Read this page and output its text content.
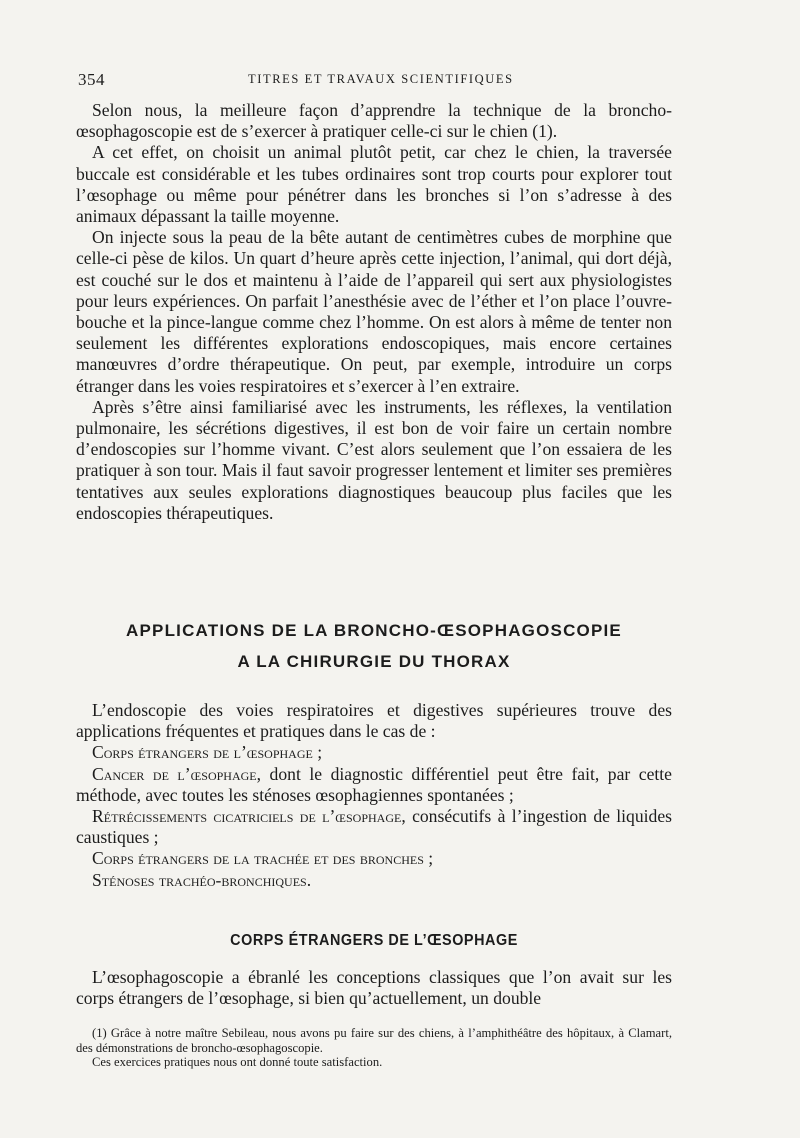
354	TITRES ET TRAVAUX SCIENTIFIQUES

Selon nous, la meilleure façon d’apprendre la technique de la broncho-œsophagoscopie est de s’exercer à pratiquer celle-ci sur le chien (1).

A cet effet, on choisit un animal plutôt petit, car chez le chien, la traversée buccale est considérable et les tubes ordinaires sont trop courts pour explorer tout l’œsophage ou même pour pénétrer dans les bronches si l’on s’adresse à des animaux dépassant la taille moyenne.

On injecte sous la peau de la bête autant de centimètres cubes de morphine que celle-ci pèse de kilos. Un quart d’heure après cette injection, l’animal, qui dort déjà, est couché sur le dos et maintenu à l’aide de l’appareil qui sert aux physiologistes pour leurs expériences. On parfait l’anesthésie avec de l’éther et l’on place l’ouvre-bouche et la pince-langue comme chez l’homme. On est alors à même de tenter non seulement les différentes explorations endoscopiques, mais encore certaines manœuvres d’ordre thérapeutique. On peut, par exemple, introduire un corps étranger dans les voies respiratoires et s’exercer à l’en extraire.

Après s’être ainsi familiarisé avec les instruments, les réflexes, la ventilation pulmonaire, les sécrétions digestives, il est bon de voir faire un certain nombre d’endoscopies sur l’homme vivant. C’est alors seulement que l’on essaiera de les pratiquer à son tour. Mais il faut savoir progresser lentement et limiter ses premières tentatives aux seules explorations diagnostiques beaucoup plus faciles que les endoscopies thérapeutiques.

APPLICATIONS DE LA BRONCHO-ŒSOPHAGOSCOPIE
A LA CHIRURGIE DU THORAX

L’endoscopie des voies respiratoires et digestives supérieures trouve des applications fréquentes et pratiques dans le cas de :

Corps étrangers de l’œsophage ;

Cancer de l’œsophage, dont le diagnostic différentiel peut être fait, par cette méthode, avec toutes les sténoses œsophagiennes spontanées ;

Rétrécissements cicatriciels de l’œsophage, consécutifs à l’ingestion de liquides caustiques ;

Corps étrangers de la trachée et des bronches ;

Sténoses trachéo-bronchiques.

CORPS ÉTRANGERS DE L’ŒSOPHAGE

L’œsophagoscopie a ébranlé les conceptions classiques que l’on avait sur les corps étrangers de l’œsophage, si bien qu’actuellement, un double

(1) Grâce à notre maître Sebileau, nous avons pu faire sur des chiens, à l’amphithéâtre des hôpitaux, à Clamart, des démonstrations de broncho-œsophagoscopie.

Ces exercices pratiques nous ont donné toute satisfaction.
